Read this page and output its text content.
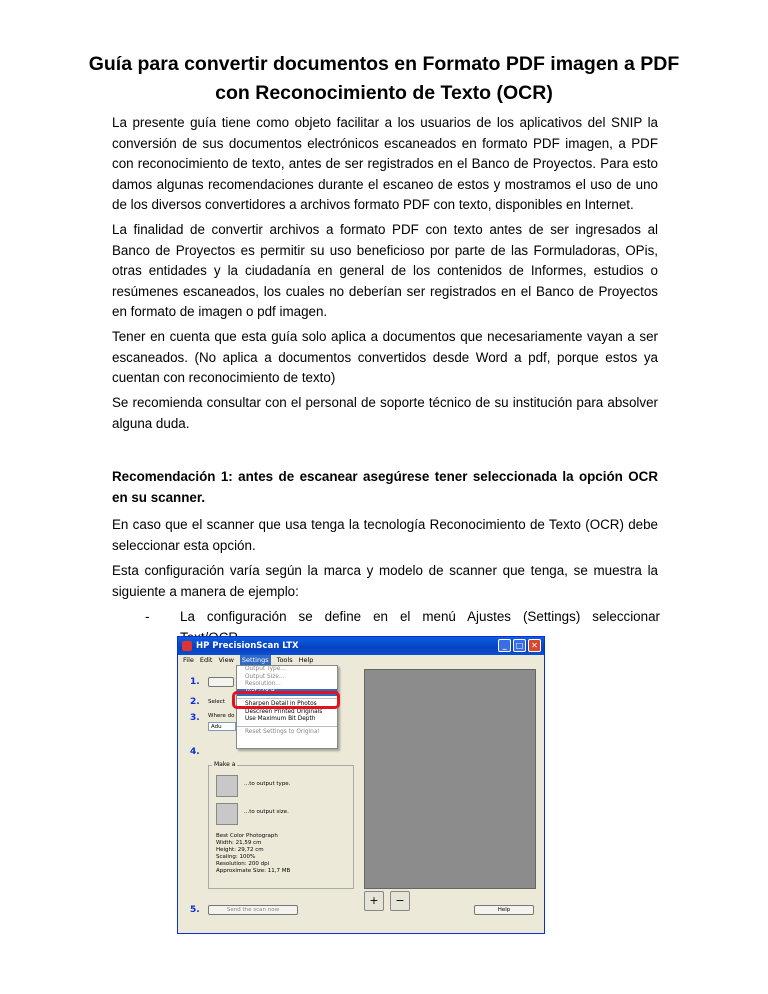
Guía para convertir documentos en Formato PDF imagen a PDF con Reconocimiento de Texto (OCR)
La presente guía tiene como objeto facilitar a los usuarios de los aplicativos del SNIP la conversión de sus documentos electrónicos escaneados en formato PDF imagen, a PDF con reconocimiento de texto, antes de ser registrados en el Banco de Proyectos. Para esto damos algunas recomendaciones durante el escaneo de estos y mostramos el uso de uno de los diversos convertidores a archivos formato PDF con texto, disponibles en Internet.
La finalidad de convertir archivos a formato PDF con texto antes de ser ingresados al Banco de Proyectos es permitir su uso beneficioso por parte de las Formuladoras, OPis, otras entidades y la ciudadanía en general de los contenidos de Informes, estudios o resúmenes escaneados, los cuales no deberían ser registrados en el Banco de Proyectos en formato de imagen o pdf imagen.
Tener en cuenta que esta guía solo aplica a documentos que necesariamente vayan a ser escaneados. (No aplica a documentos convertidos desde Word a pdf, porque estos ya cuentan con reconocimiento de texto)
Se recomienda consultar con el personal de soporte técnico de su institución para absolver alguna duda.
Recomendación 1: antes de escanear asegúrese tener seleccionada la opción OCR en su scanner.
En caso que el scanner que usa tenga la tecnología Reconocimiento de Texto (OCR) debe seleccionar esta opción.
Esta configuración varía según la marca y modelo de scanner que tenga, se muestra la siguiente a manera de ejemplo:
- La configuración se define en el menú Ajustes (Settings) seleccionar
HP PrecisionScan LTX	_	□ ✕
File Edit View	Settings	Tools Help
1.
2.
3.
4.
5.
Select
Where do
Adu
Make a
...to output type.
...to output size.
Best Color Photograph
Width: 21,59 cm
Height: 29,72 cm
Scaling: 100%
Resolution: 200 dpi
Approximate Size: 11,7 MB
Send the scan now
+	−
Help
Output Type...
Output Size...
Resolution...
Text / OCR
Sharpen Detail in Photos
Descreen Printed Originals
Use Maximum Bit Depth
Reset Settings to Original
